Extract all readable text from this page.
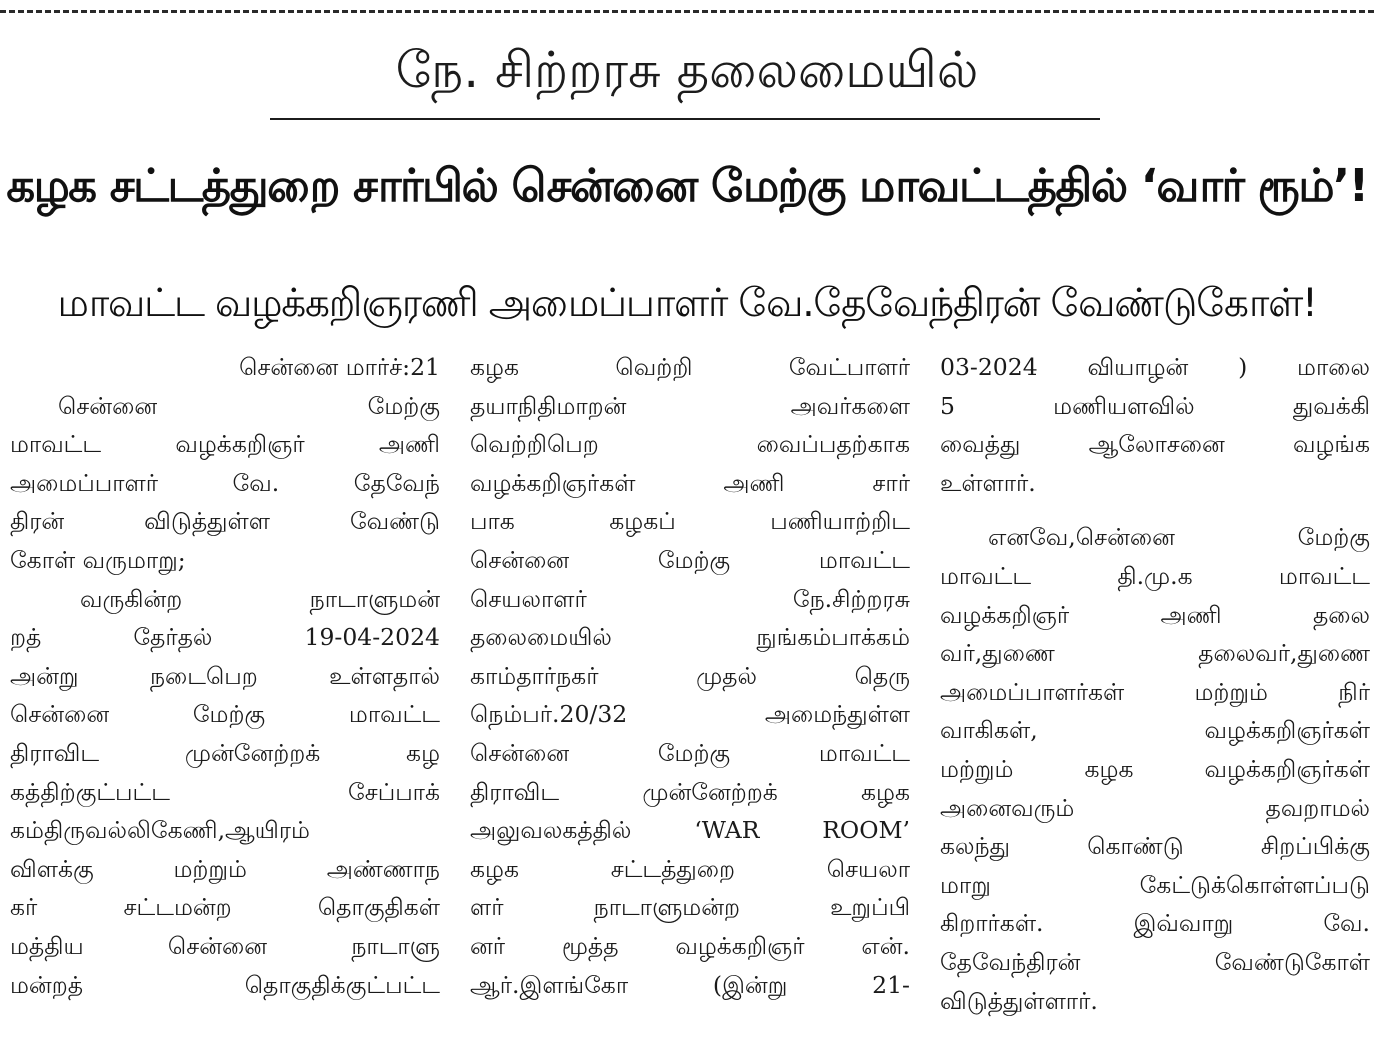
நே. சிற்றரசு தலைமையில்
கழக சட்டத்துறை சார்பில் சென்னை மேற்கு மாவட்டத்தில் ‘வார் ரூம்’!
மாவட்ட வழக்கறிஞரணி அமைப்பாளர் வே.தேவேந்திரன் வேண்டுகோள்!
சென்னை மார்ச்:21
சென்னை மேற்கு
மாவட்ட வழக்கறிஞர் அணி
அமைப்பாளர் வே. தேவேந்
திரன் விடுத்துள்ள வேண்டு
கோள் வருமாறு;
வருகின்ற நாடாளுமன்
றத் தேர்தல் 19-04-2024
அன்று நடைபெற உள்ளதால்
சென்னை மேற்கு மாவட்ட
திராவிட முன்னேற்றக் கழ
கத்திற்குட்பட்ட சேப்பாக்
கம்திருவல்லிகேணி,ஆயிரம்
விளக்கு மற்றும் அண்ணாந
கர் சட்டமன்ற தொகுதிகள்
மத்திய சென்னை நாடாளு
மன்றத் தொகுதிக்குட்பட்ட
கழக வெற்றி வேட்பாளர்
தயாநிதிமாறன் அவர்களை
வெற்றிபெற வைப்பதற்காக
வழக்கறிஞர்கள் அணி சார்
பாக கழகப் பணியாற்றிட
சென்னை மேற்கு மாவட்ட
செயலாளர் நே.சிற்றரசு
தலைமையில் நுங்கம்பாக்கம்
காம்தார்நகர் முதல் தெரு
நெம்பர்.20/32 அமைந்துள்ள
சென்னை மேற்கு மாவட்ட
திராவிட முன்னேற்றக் கழக
அலுவலகத்தில் ‘WAR ROOM’
கழக சட்டத்துறை செயலா
ளர் நாடாளுமன்ற உறுப்பி
னர் மூத்த வழக்கறிஞர் என்.
ஆர்.இளங்கோ (இன்று 21-
03-2024 வியாழன் ) மாலை
5 மணியளவில் துவக்கி
வைத்து ஆலோசனை வழங்க
உள்ளார்.
எனவே,சென்னை மேற்கு
மாவட்ட தி.மு.க மாவட்ட
வழக்கறிஞர் அணி தலை
வர்,துணை தலைவர்,துணை
அமைப்பாளர்கள் மற்றும் நிர்
வாகிகள், வழக்கறிஞர்கள்
மற்றும் கழக வழக்கறிஞர்கள்
அனைவரும் தவறாமல்
கலந்து கொண்டு சிறப்பிக்கு
மாறு கேட்டுக்கொள்ளப்படு
கிறார்கள். இவ்வாறு வே.
தேவேந்திரன் வேண்டுகோள்
விடுத்துள்ளார்.
